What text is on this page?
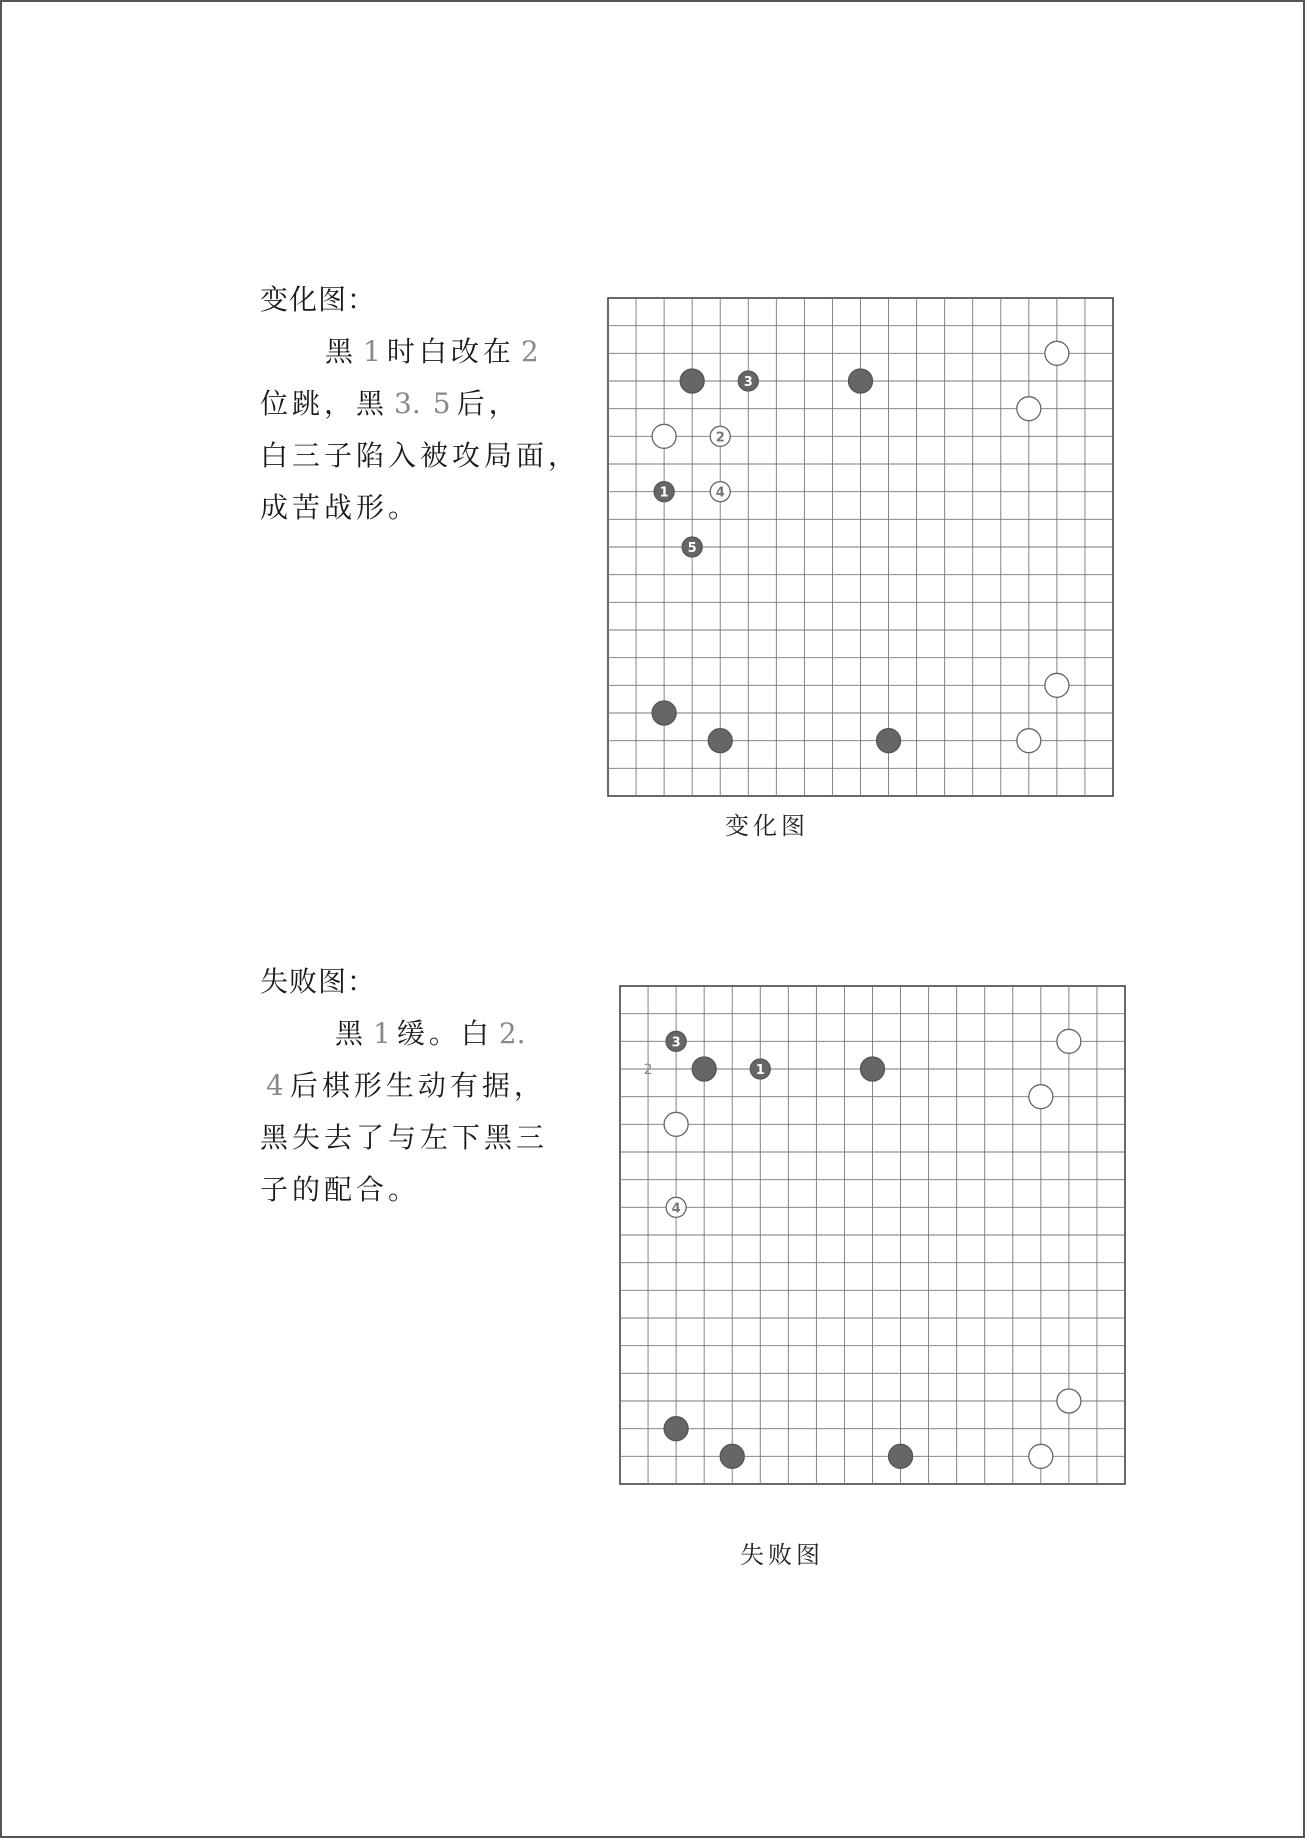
变化图：

黑 1 时白改在 2
位跳，黑 3. 5 后，
白三子陷入被攻局面，
成苦战形。

3
2
1	4
5
变化图
失败图：

黑 1 缓。白 2.
4 后棋形生动有据，
黑失去了与左下黑三
子的配合。

3
1
2
4
失败图
